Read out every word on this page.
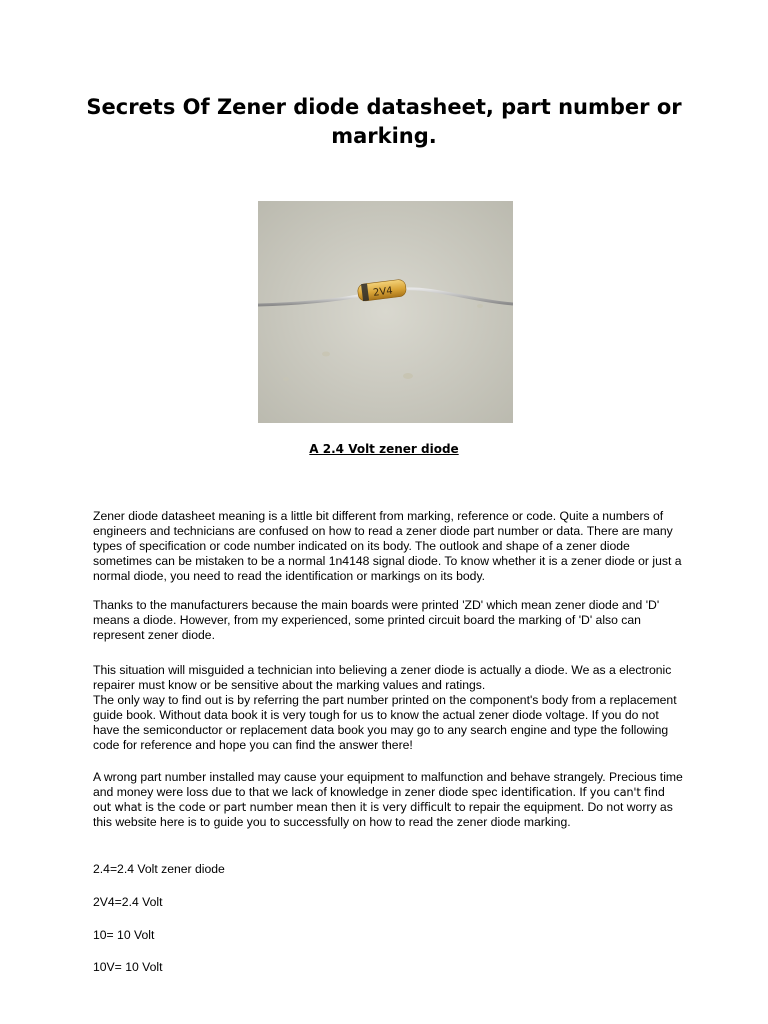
Secrets Of Zener diode datasheet, part number or marking.
2V4

A 2.4 Volt zener diode

Zener diode datasheet meaning is a little bit different from marking, reference or code. Quite a numbers of engineers and technicians are confused on how to read a zener diode part number or data. There are many types of specification or code number indicated on its body. The outlook and shape of a zener diode sometimes can be mistaken to be a normal 1n4148 signal diode. To know whether it is a zener diode or just a normal diode, you need to read the identification or markings on its body.

Thanks to the manufacturers because the main boards were printed 'ZD' which mean zener diode and 'D' means a diode. However, from my experienced, some printed circuit board the marking of 'D' also can represent zener diode.

This situation will misguided a technician into believing a zener diode is actually a diode. We as a electronic repairer must know or be sensitive about the marking values and ratings.

The only way to find out is by referring the part number printed on the component's body from a replacement guide book. Without data book it is very tough for us to know the actual zener diode voltage. If you do not have the semiconductor or replacement data book you may go to any search engine and type the following code for reference and hope you can find the answer there!

A wrong part number installed may cause your equipment to malfunction and behave strangely. Precious time and money were loss due to that we lack of knowledge in zener diode spec identification. If you can't find out what is the code or part number mean then it is very difficult to repair the equipment. Do not worry as this website here is to guide you to successfully on how to read the zener diode marking.

2.4=2.4 Volt zener diode

2V4=2.4 Volt

10= 10 Volt

10V= 10 Volt
